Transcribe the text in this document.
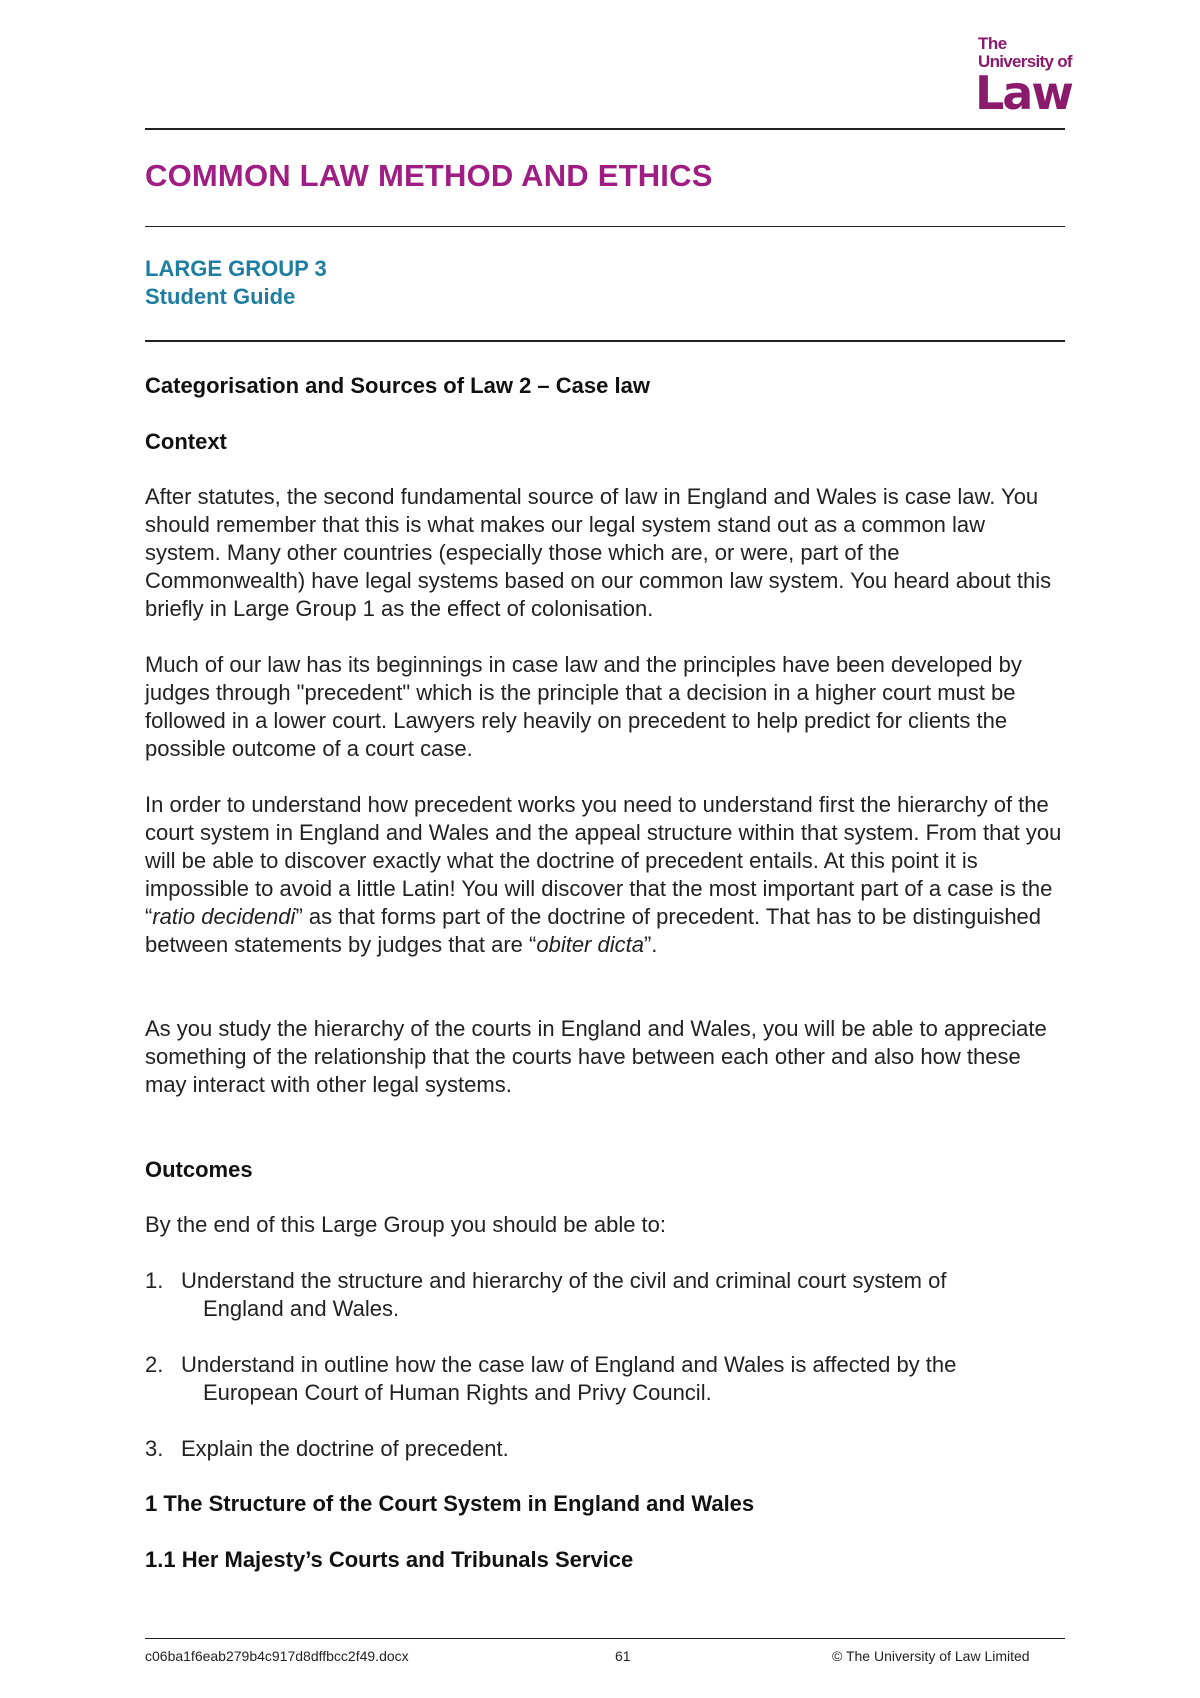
The
University of
Law
COMMON LAW METHOD AND ETHICS
LARGE GROUP 3
Student Guide
Categorisation and Sources of Law 2 – Case law
Context
After statutes, the second fundamental source of law in England and Wales is case law. You should remember that this is what makes our legal system stand out as a common law system. Many other countries (especially those which are, or were, part of the Commonwealth) have legal systems based on our common law system. You heard about this briefly in Large Group 1 as the effect of colonisation.
Much of our law has its beginnings in case law and the principles have been developed by judges through "precedent" which is the principle that a decision in a higher court must be followed in a lower court. Lawyers rely heavily on precedent to help predict for clients the possible outcome of a court case.
In order to understand how precedent works you need to understand first the hierarchy of the court system in England and Wales and the appeal structure within that system. From that you will be able to discover exactly what the doctrine of precedent entails. At this point it is impossible to avoid a little Latin! You will discover that the most important part of a case is the “ratio decidendi” as that forms part of the doctrine of precedent. That has to be distinguished between statements by judges that are “obiter dicta”.
As you study the hierarchy of the courts in England and Wales, you will be able to appreciate something of the relationship that the courts have between each other and also how these may interact with other legal systems.
Outcomes
By the end of this Large Group you should be able to:
1. Understand the structure and hierarchy of the civil and criminal court system of
England and Wales.
2. Understand in outline how the case law of England and Wales is affected by the
European Court of Human Rights and Privy Council.
3. Explain the doctrine of precedent.
1 The Structure of the Court System in England and Wales
1.1 Her Majesty’s Courts and Tribunals Service
c06ba1f6eab279b4c917d8dffbcc2f49.docx	61	© The University of Law Limited
